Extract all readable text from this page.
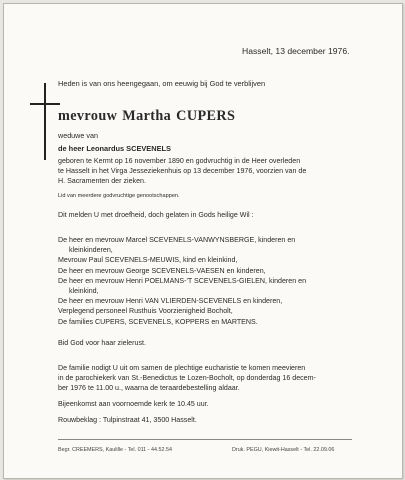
Hasselt, 13 december 1976.
Heden is van ons heengegaan, om eeuwig bij God te verblijven
mevrouw Martha CUPERS
weduwe van
de heer Leonardus SCEVENELS
geboren te Kermt op 16 november 1890 en godvruchtig in de Heer overleden
te Hasselt in het Virga Jesseziekenhuis op 13 december 1976, voorzien van de
H. Sacramenten der zieken.
Lid van meerdere godvruchtige genootschappen.
Dit melden U met droefheid, doch gelaten in Gods heilige Wil :
De heer en mevrouw Marcel SCEVENELS-VANWYNSBERGE, kinderen en
kleinkinderen,
Mevrouw Paul SCEVENELS-MEUWIS, kind en kleinkind,
De heer en mevrouw George SCEVENELS-VAESEN en kinderen,
De heer en mevrouw Henri POELMANS-'T SCEVENELS-GIELEN, kinderen en
kleinkind,
De heer en mevrouw Henri VAN VLIERDEN-SCEVENELS en kinderen,
Verplegend personeel Rusthuis Voorzienigheid Bocholt,
De families CUPERS, SCEVENELS, KOPPERS en MARTENS.
Bid God voor haar zielerust.
De familie nodigt U uit om samen de plechtige eucharistie te komen meevieren
in de parochiekerk van St.-Benedictus te Lozen-Bocholt, op donderdag 16 decem-
ber 1976 te 11.00 u., waarna de teraardebestelling aldaar.
Bijeenkomst aan voornoemde kerk te 10.45 uur.
Rouwbeklag : Tulpinstraat 41, 3500 Hasselt.
Begr. CREEMERS, Kaulille - Tel. 011 - 44.52.54	Druk. PEGU, Kiewit-Hasselt - Tel. 22.09.06
